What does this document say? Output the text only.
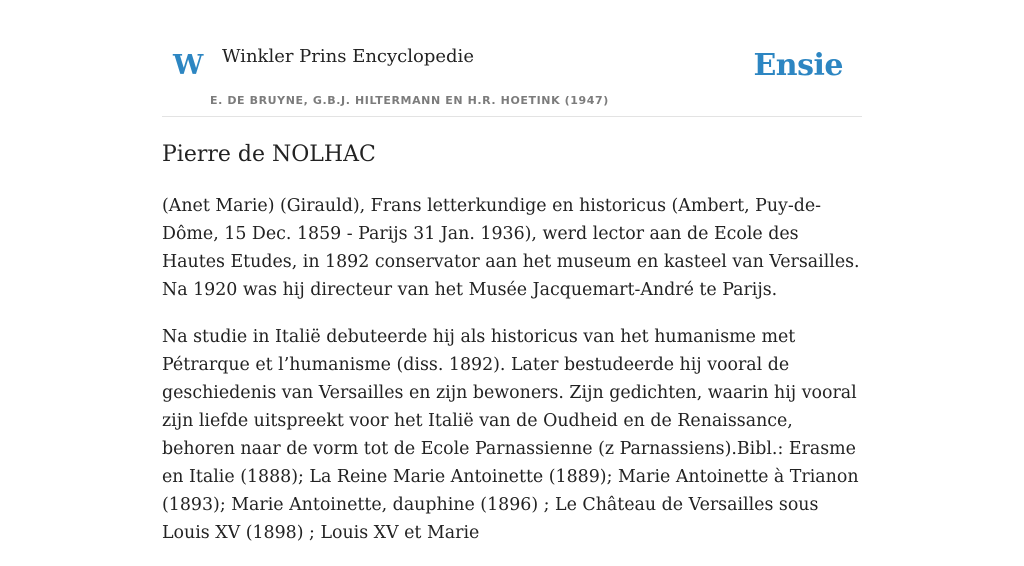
W Winkler Prins Encyclopedie
E. DE BRUYNE, G.B.J. HILTERMANN EN H.R. HOETINK (1947)
Ensie
Pierre de NOLHAC

(Anet Marie) (Girauld), Frans letterkundige en historicus (Ambert, Puy-de-Dôme, 15 Dec. 1859 - Parijs 31 Jan. 1936), werd lector aan de Ecole des Hautes Etudes, in 1892 conservator aan het museum en kasteel van Versailles. Na 1920 was hij directeur van het Musée Jacquemart-André te Parijs.

Na studie in Italië debuteerde hij als historicus van het humanisme met Pétrarque et l’humanisme (diss. 1892). Later bestudeerde hij vooral de geschiedenis van Versailles en zijn bewoners. Zijn gedichten, waarin hij vooral zijn liefde uitspreekt voor het Italië van de Oudheid en de Renaissance, behoren naar de vorm tot de Ecole Parnassienne (z Parnassiens).Bibl.: Erasme en Italie (1888); La Reine Marie Antoinette (1889); Marie Antoinette à Trianon (1893); Marie Antoinette, dauphine (1896) ; Le Château de Versailles sous Louis XV (1898) ; Louis XV et Marie
